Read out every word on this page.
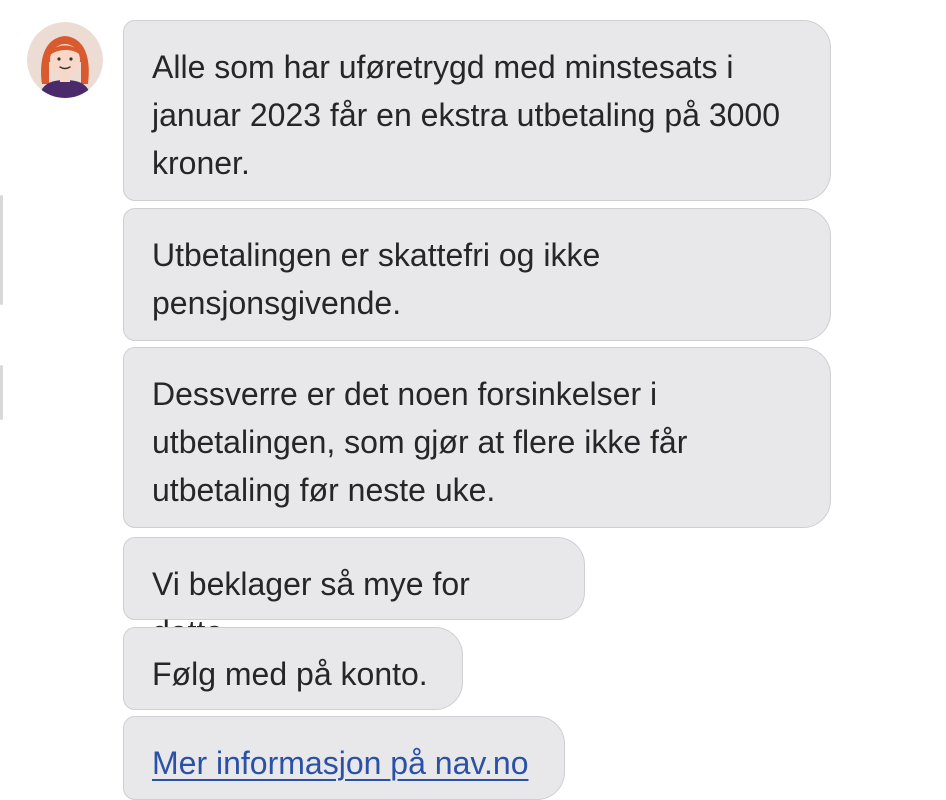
Alle som har uføretrygd med minstesats i januar 2023 får en ekstra utbetaling på 3000 kroner.
Utbetalingen er skattefri og ikke pensjonsgivende.
Dessverre er det noen forsinkelser i utbetalingen, som gjør at flere ikke får utbetaling før neste uke.
Vi beklager så mye for
Følg med på konto.
Mer informasjon på nav.no
